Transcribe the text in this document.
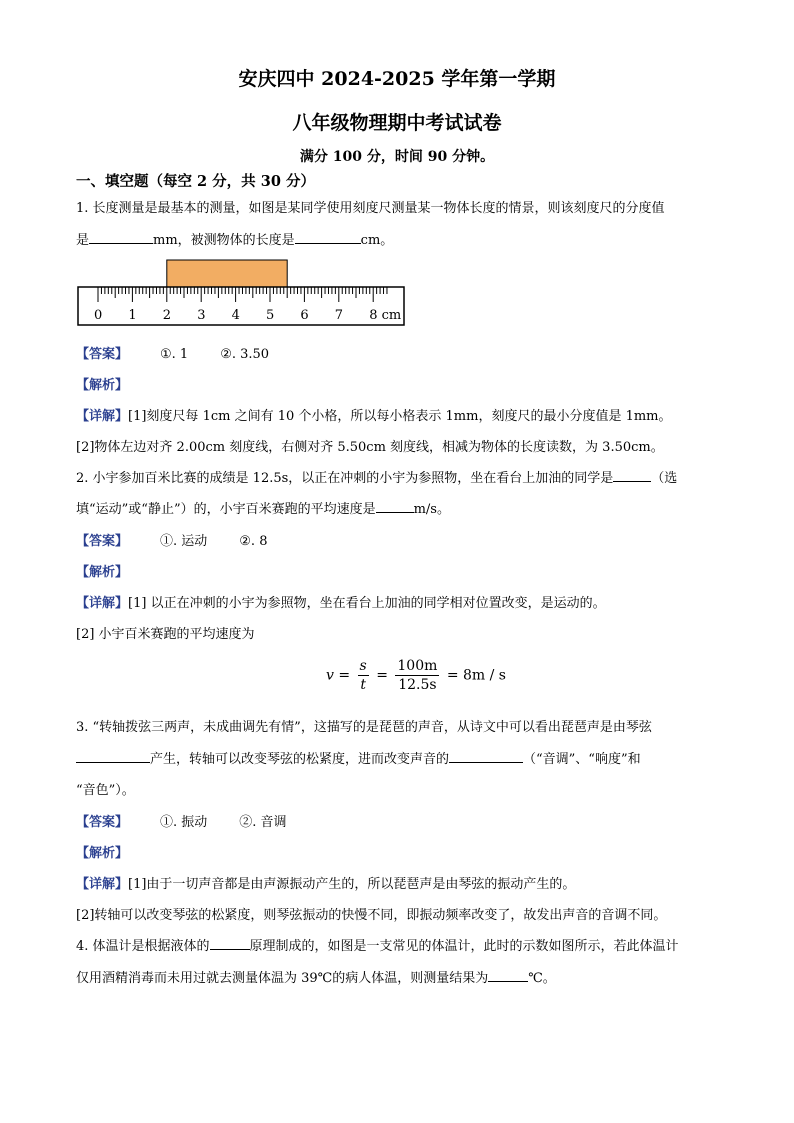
安庆四中 2024-2025 学年第一学期
八年级物理期中考试试卷
满分 100 分，时间 90 分钟。
一、填空题（每空 2 分，共 30 分）
1. 长度测量是最基本的测量，如图是某同学使用刻度尺测量某一物体长度的情景，则该刻度尺的分度值
是	mm，被测物体的长度是	cm。
0 1 2 3 4 5 6 7 8 cm
【答案】 ①. 1 ②. 3.50
【解析】
【详解】[1]刻度尺每 1cm 之间有 10 个小格，所以每小格表示 1mm，刻度尺的最小分度值是 1mm。
[2]物体左边对齐 2.00cm 刻度线，右侧对齐 5.50cm 刻度线，相减为物体的长度读数，为 3.50cm。
2. 小宇参加百米比赛的成绩是 12.5s，以正在冲刺的小宇为参照物，坐在看台上加油的同学是	（选
填“运动”或“静止”）的，小宇百米赛跑的平均速度是	m/s。
【答案】 ①. 运动 ②. 8
【解析】
【详解】[1] 以正在冲刺的小宇为参照物，坐在看台上加油的同学相对位置改变，是运动的。
[2] 小宇百米赛跑的平均速度为
$v = \frac{s}{t} = \frac{100m}{12.5s} = 8m / s$
3. “转轴拨弦三两声，未成曲调先有情”，这描写的是琵琶的声音，从诗文中可以看出琵琶声是由琴弦
产生，转轴可以改变琴弦的松紧度，进而改变声音的	（“音调”、“响度”和
“音色”）。
【答案】 ①. 振动 ②. 音调
【解析】
【详解】[1]由于一切声音都是由声源振动产生的，所以琵琶声是由琴弦的振动产生的。
[2]转轴可以改变琴弦的松紧度，则琴弦振动的快慢不同，即振动频率改变了，故发出声音的音调不同。
4. 体温计是根据液体的	原理制成的，如图是一支常见的体温计，此时的示数如图所示，若此体温计
仅用酒精消毒而未用过就去测量体温为 39℃的病人体温，则测量结果为	℃。
